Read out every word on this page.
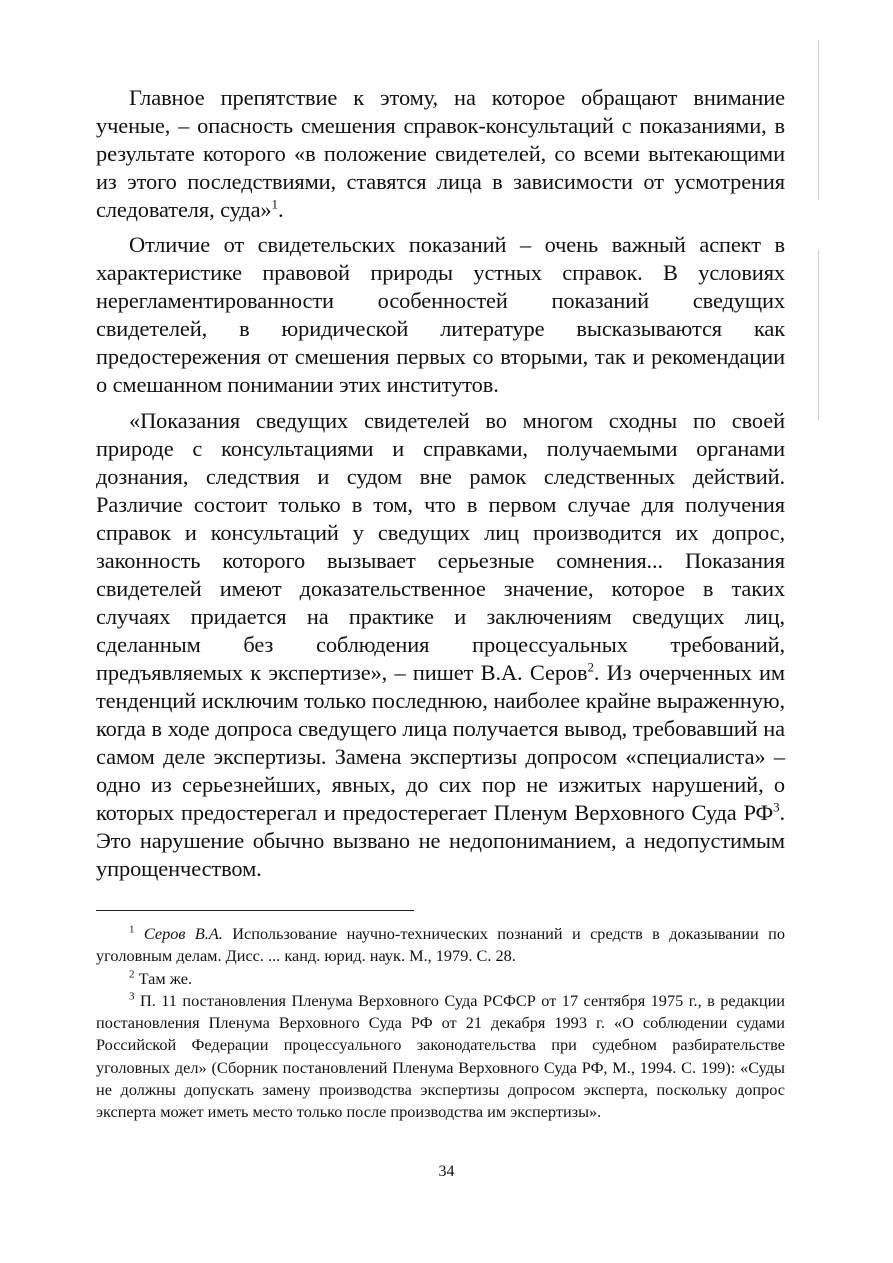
Главное препятствие к этому, на которое обращают внимание ученые, – опасность смешения справок-консультаций с показаниями, в результате которого «в положение свидетелей, со всеми вытекающими из этого последствиями, ставятся лица в зависимости от усмотрения следователя, суда»$^1$.

Отличие от свидетельских показаний – очень важный аспект в характеристике правовой природы устных справок. В условиях нерегламентированности особенностей показаний сведущих свидетелей, в юридической литературе высказываются как предостережения от смешения первых со вторыми, так и рекомендации о смешанном понимании этих институтов.

«Показания сведущих свидетелей во многом сходны по своей природе с консультациями и справками, получаемыми органами дознания, следствия и судом вне рамок следственных действий. Различие состоит только в том, что в первом случае для получения справок и консультаций у сведущих лиц производится их допрос, законность которого вызывает серьезные сомнения... Показания свидетелей имеют доказательственное значение, которое в таких случаях придается на практике и заключениям сведущих лиц, сделанным без соблюдения процессуальных требований, предъявляемых к экспертизе», – пишет В.А. Серов$^2$. Из очерченных им тенденций исключим только последнюю, наиболее крайне выраженную, когда в ходе допроса сведущего лица получается вывод, требовавший на самом деле экспертизы. Замена экспертизы допросом «специалиста» – одно из серьезнейших, явных, до сих пор не изжитых нарушений, о которых предостерегал и предостерегает Пленум Верховного Суда $РФ^3$. Это нарушение обычно вызвано не недопониманием, а недопустимым упрощенчеством.

$^1$ Серов В.А. Использование научно-технических познаний и средств в доказывании по уголовным делам. Дисс. ... канд. юрид. наук. М., 1979. С. 28.

$^2$ Там же.

$^3$ П. 11 постановления Пленума Верховного Суда РСФСР от 17 сентября 1975 г., в редакции постановления Пленума Верховного Суда РФ от 21 декабря 1993 г. «О соблюдении судами Российской Федерации процессуального законодательства при судебном разбирательстве уголовных дел» (Сборник постановлений Пленума Верховного Суда РФ, М., 1994. С. 199): «Суды не должны допускать замену производства экспертизы допросом эксперта, поскольку допрос эксперта может иметь место только после производства им экспертизы».

34
